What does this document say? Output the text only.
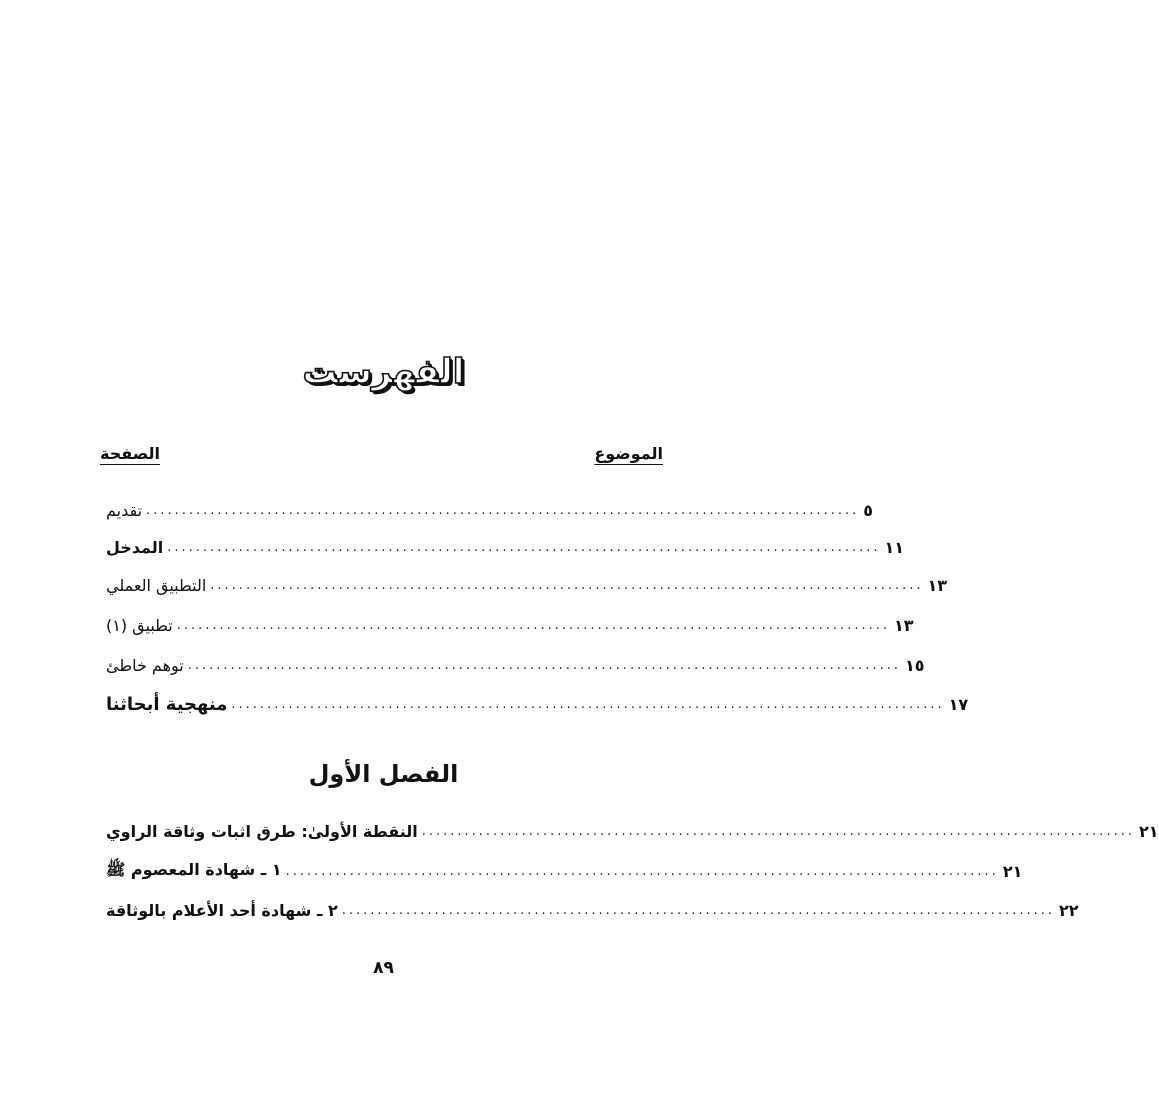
الفهرست
الموضوع
الصفحة
تقديم .................................................................................................... ٥
المدخل .................................................................................................... ١١
التطبيق العملي .................................................................................................... ١٣
تطبيق (١) .................................................................................................... ١٣
توهم خاطئ .................................................................................................... ١٥
منهجية أبحاثنا .................................................................................................... ١٧
الفصل الأول
النقطة الأولىٰ: طرق اثبات وثاقة الراوي .................................................................................................... ٢١
١ ـ شهادة المعصوم ﷺ .................................................................................................... ٢١
٢ ـ شهادة أحد الأعلام بالوثاقة .................................................................................................... ٢٢
٨٩
